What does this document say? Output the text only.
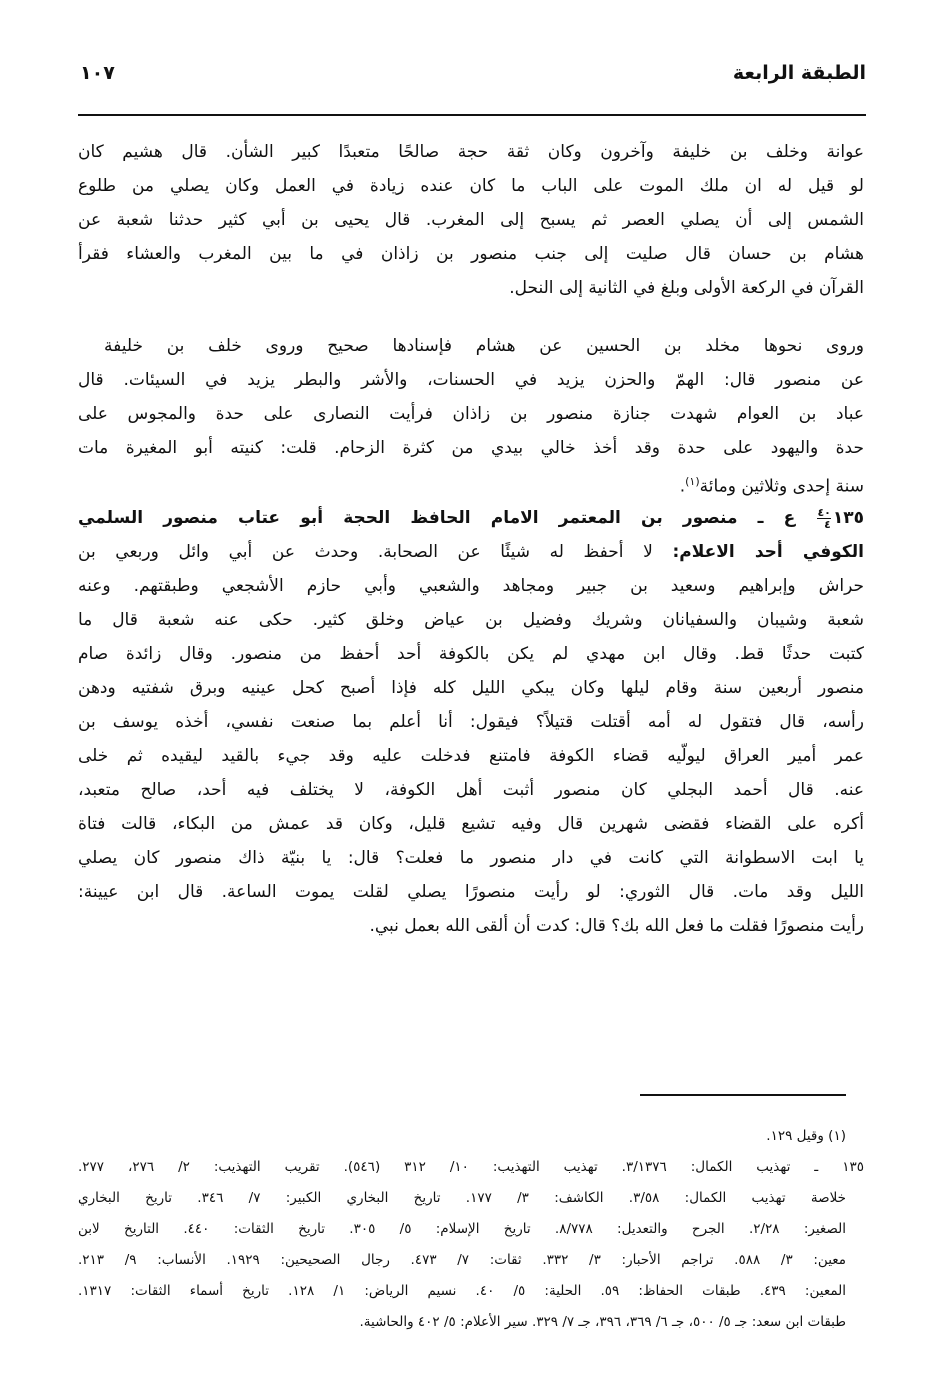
الطبقة الرابعة
١٠٧
عوانة وخلف بن خليفة وآخرون وكان ثقة حجة صالحًا متعبدًا كبير الشأن. قال هشيم كان
لو قيل له ان ملك الموت على الباب ما كان عنده زيادة في العمل وكان يصلي من طلوع
الشمس إلى أن يصلي العصر ثم يسبح إلى المغرب. قال يحيى بن أبي كثير حدثنا شعبة عن
هشام بن حسان قال صليت إلى جنب منصور بن زاذان في ما بين المغرب والعشاء فقرأ
القرآن في الركعة الأولى وبلغ في الثانية إلى النحل.
وروى نحوها مخلد بن الحسين عن هشام فإسنادها صحيح وروى خلف بن خليفة
عن منصور قال: الهمّ والحزن يزيد في الحسنات، والأشر والبطر يزيد في السيئات. قال
عباد بن العوام شهدت جنازة منصور بن زاذان فرأيت النصارى على حدة والمجوس على
حدة واليهود على حدة وقد أخذ خالي بيدي من كثرة الزحام. قلت: كنيته أبو المغيرة مات
سنة إحدى وثلاثين ومائة$^{(١)}$.
١٣٥
$\frac{٤٠}{٤}$
ع ـ منصور بن المعتمر الامام الحافظ الحجة أبو عتاب منصور السلمي
الكوفي أحد الاعلام: لا أحفظ له شيئًا عن الصحابة. وحدث عن أبي وائل وربعي بن
حراش وإبراهيم وسعيد بن جبير ومجاهد والشعبي وأبي حازم الأشجعي وطبقتهم. وعنه
شعبة وشيبان والسفيانان وشريك وفضيل بن عياض وخلق كثير. حكى عنه شعبة قال ما
كتبت حدثًا قط. وقال ابن مهدي لم يكن بالكوفة أحد أحفظ من منصور. وقال زائدة صام
منصور أربعين سنة وقام ليلها وكان يبكي الليل كله فإذا أصبح كحل عينيه وبرق شفتيه ودهن
رأسه، قال فتقول له أمه أقتلت قتيلاً؟ فيقول: أنا أعلم بما صنعت نفسي، أخذه يوسف بن
عمر أمير العراق ليولّيه قضاء الكوفة فامتنع فدخلت عليه وقد جيء بالقيد ليقيده ثم خلى
عنه. قال أحمد البجلي كان منصور أثبت أهل الكوفة، لا يختلف فيه أحد، صالح متعبد،
أكره على القضاء فقضى شهرين قال وفيه تشيع قليل، وكان قد عمش من البكاء، قالت فتاة
يا ابت الاسطوانة التي كانت في دار منصور ما فعلت؟ قال: يا بنيّة ذاك منصور كان يصلي
الليل وقد مات. قال الثوري: لو رأيت منصورًا يصلي لقلت يموت الساعة. قال ابن عيينة:
رأيت منصورًا فقلت ما فعل الله بك؟ قال: كدت أن ألقى الله بعمل نبي.
(١) وقيل ١٢٩.
١٣٥ ـ تهذيب الكمال: ٣/١٣٧٦. تهذيب التهذيب: ١٠/ ٣١٢ (٥٤٦). تقريب التهذيب: ٢/ ٢٧٦، ٢٧٧.
خلاصة تهذيب الكمال: ٣/٥٨. الكاشف: ٣/ ١٧٧. تاريخ البخاري الكبير: ٧/ ٣٤٦. تاريخ البخاري
الصغير: ٢/٢٨. الجرح والتعديل: ٨/٧٧٨. تاريخ الإسلام: ٥/ ٣٠٥. تاريخ الثقات: ٤٤٠. التاريخ لابن
معين: ٣/ ٥٨٨. تراجم الأحبار: ٣/ ٣٣٢. ثقات: ٧/ ٤٧٣. رجال الصحيحين: ١٩٢٩. الأنساب: ٩/ ٢١٣.
المعين: ٤٣٩. طبقات الحفاظ: ٥٩. الحلية: ٥/ ٤٠. نسيم الرياض: ١/ ١٢٨. تاريخ أسماء الثقات: ١٣١٧.
طبقات ابن سعد: جـ ٥/ ٥٠٠، جـ ٦/ ٣٦٩، ٣٩٦، جـ ٧/ ٣٢٩. سير الأعلام: ٥/ ٤٠٢ والحاشية.
